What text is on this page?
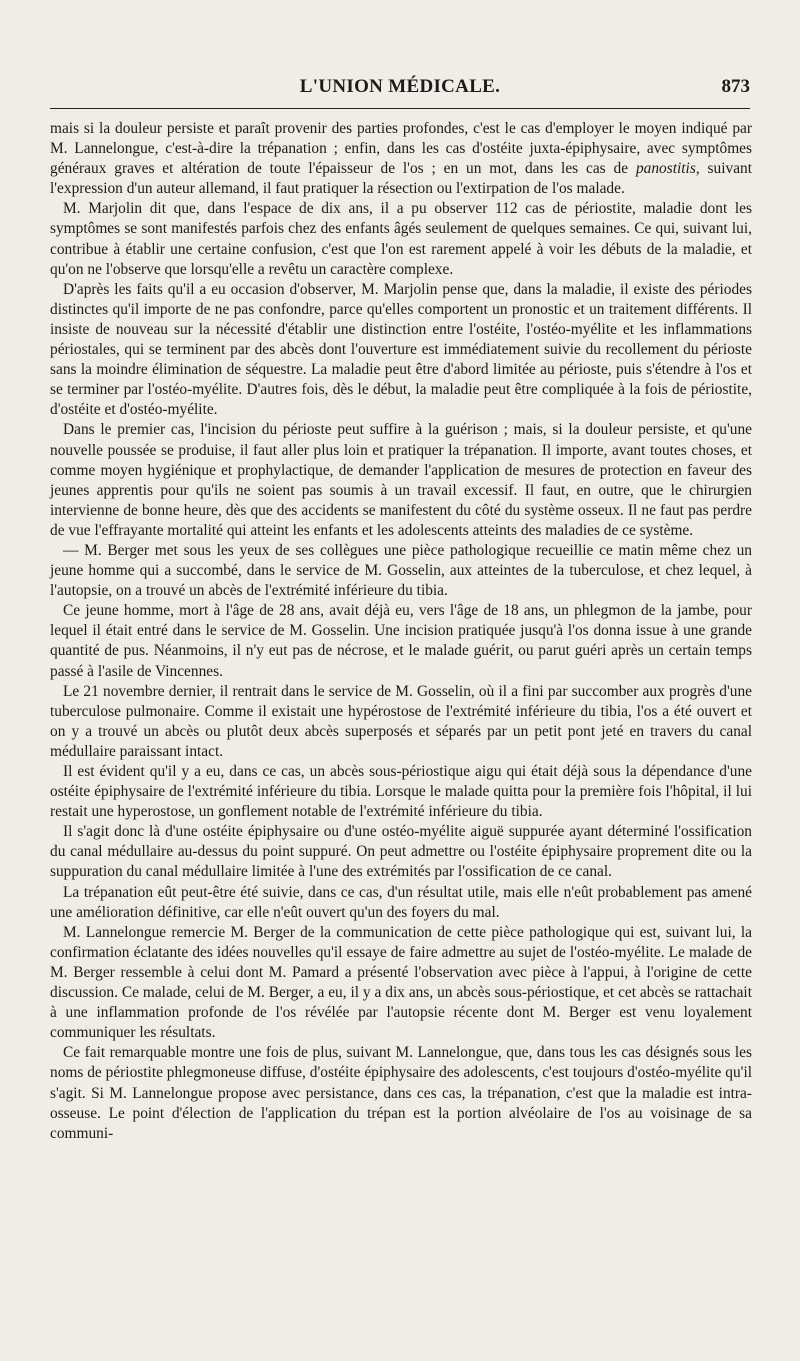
L'UNION MÉDICALE.	873

mais si la douleur persiste et paraît provenir des parties profondes, c'est le cas d'employer le moyen indiqué par M. Lannelongue, c'est-à-dire la trépanation ; enfin, dans les cas d'ostéite juxta-épiphysaire, avec symptômes généraux graves et altération de toute l'épaisseur de l'os ; en un mot, dans les cas de panostitis, suivant l'expression d'un auteur allemand, il faut pratiquer la résection ou l'extirpation de l'os malade.

M. Marjolin dit que, dans l'espace de dix ans, il a pu observer 112 cas de périostite, maladie dont les symptômes se sont manifestés parfois chez des enfants âgés seulement de quelques semaines. Ce qui, suivant lui, contribue à établir une certaine confusion, c'est que l'on est rarement appelé à voir les débuts de la maladie, et qu'on ne l'observe que lorsqu'elle a revêtu un caractère complexe.

D'après les faits qu'il a eu occasion d'observer, M. Marjolin pense que, dans la maladie, il existe des périodes distinctes qu'il importe de ne pas confondre, parce qu'elles comportent un pronostic et un traitement différents. Il insiste de nouveau sur la nécessité d'établir une distinction entre l'ostéite, l'ostéo-myélite et les inflammations périostales, qui se terminent par des abcès dont l'ouverture est immédiatement suivie du recollement du périoste sans la moindre élimination de séquestre. La maladie peut être d'abord limitée au périoste, puis s'étendre à l'os et se terminer par l'ostéo-myélite. D'autres fois, dès le début, la maladie peut être compliquée à la fois de périostite, d'ostéite et d'ostéo-myélite.

Dans le premier cas, l'incision du périoste peut suffire à la guérison ; mais, si la douleur persiste, et qu'une nouvelle poussée se produise, il faut aller plus loin et pratiquer la trépanation. Il importe, avant toutes choses, et comme moyen hygiénique et prophylactique, de demander l'application de mesures de protection en faveur des jeunes apprentis pour qu'ils ne soient pas soumis à un travail excessif. Il faut, en outre, que le chirurgien intervienne de bonne heure, dès que des accidents se manifestent du côté du système osseux. Il ne faut pas perdre de vue l'effrayante mortalité qui atteint les enfants et les adolescents atteints des maladies de ce système.

— M. Berger met sous les yeux de ses collègues une pièce pathologique recueillie ce matin même chez un jeune homme qui a succombé, dans le service de M. Gosselin, aux atteintes de la tuberculose, et chez lequel, à l'autopsie, on a trouvé un abcès de l'extrémité inférieure du tibia.

Ce jeune homme, mort à l'âge de 28 ans, avait déjà eu, vers l'âge de 18 ans, un phlegmon de la jambe, pour lequel il était entré dans le service de M. Gosselin. Une incision pratiquée jusqu'à l'os donna issue à une grande quantité de pus. Néanmoins, il n'y eut pas de nécrose, et le malade guérit, ou parut guéri après un certain temps passé à l'asile de Vincennes.

Le 21 novembre dernier, il rentrait dans le service de M. Gosselin, où il a fini par succomber aux progrès d'une tuberculose pulmonaire. Comme il existait une hypérostose de l'extrémité inférieure du tibia, l'os a été ouvert et on y a trouvé un abcès ou plutôt deux abcès superposés et séparés par un petit pont jeté en travers du canal médullaire paraissant intact.

Il est évident qu'il y a eu, dans ce cas, un abcès sous-périostique aigu qui était déjà sous la dépendance d'une ostéite épiphysaire de l'extrémité inférieure du tibia. Lorsque le malade quitta pour la première fois l'hôpital, il lui restait une hyperostose, un gonflement notable de l'extrémité inférieure du tibia.

Il s'agit donc là d'une ostéite épiphysaire ou d'une ostéo-myélite aiguë suppurée ayant déterminé l'ossification du canal médullaire au-dessus du point suppuré. On peut admettre ou l'ostéite épiphysaire proprement dite ou la suppuration du canal médullaire limitée à l'une des extrémités par l'ossification de ce canal.

La trépanation eût peut-être été suivie, dans ce cas, d'un résultat utile, mais elle n'eût probablement pas amené une amélioration définitive, car elle n'eût ouvert qu'un des foyers du mal.

M. Lannelongue remercie M. Berger de la communication de cette pièce pathologique qui est, suivant lui, la confirmation éclatante des idées nouvelles qu'il essaye de faire admettre au sujet de l'ostéo-myélite. Le malade de M. Berger ressemble à celui dont M. Pamard a présenté l'observation avec pièce à l'appui, à l'origine de cette discussion. Ce malade, celui de M. Berger, a eu, il y a dix ans, un abcès sous-périostique, et cet abcès se rattachait à une inflammation profonde de l'os révélée par l'autopsie récente dont M. Berger est venu loyalement communiquer les résultats.

Ce fait remarquable montre une fois de plus, suivant M. Lannelongue, que, dans tous les cas désignés sous les noms de périostite phlegmoneuse diffuse, d'ostéite épiphysaire des adolescents, c'est toujours d'ostéo-myélite qu'il s'agit. Si M. Lannelongue propose avec persistance, dans ces cas, la trépanation, c'est que la maladie est intra-osseuse. Le point d'élection de l'application du trépan est la portion alvéolaire de l'os au voisinage de sa communi-
